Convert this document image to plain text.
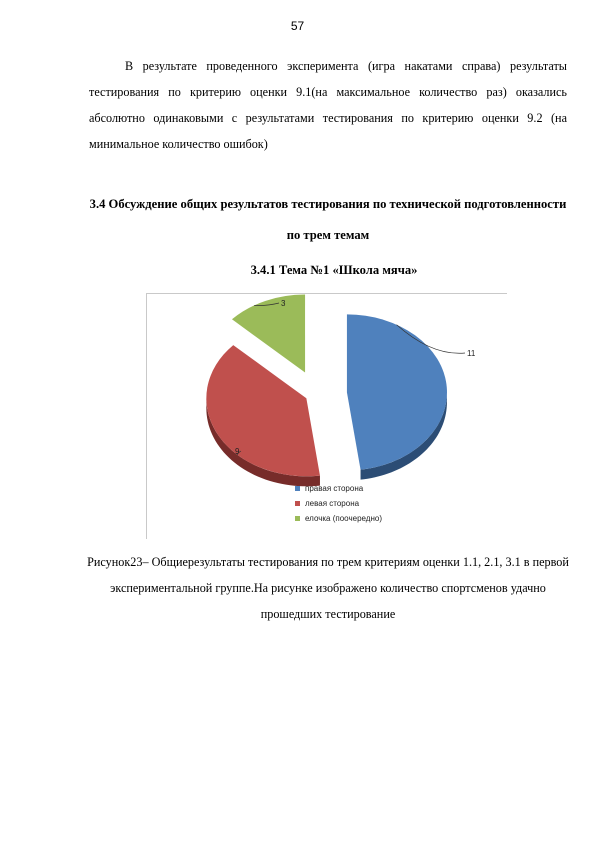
57

В результате проведенного эксперимента (игра накатами справа) результаты тестирования по критерию оценки 9.1(на максимальное количество раз) оказались абсолютно одинаковыми с результатами тестирования по критерию оценки 9.2 (на минимальное количество ошибок)

3.4 Обсуждение общих результатов тестирования по технической подготовленности по трем темам

3.4.1 Тема №1 «Школа мяча»

11
9
3
правая сторона
левая сторона
елочка (поочередно)

Рисунок23– Общиерезультаты тестирования по трем критериям оценки 1.1, 2.1, 3.1 в первой экспериментальной группе.На рисунке изображено количество спортсменов удачно прошедших тестирование
